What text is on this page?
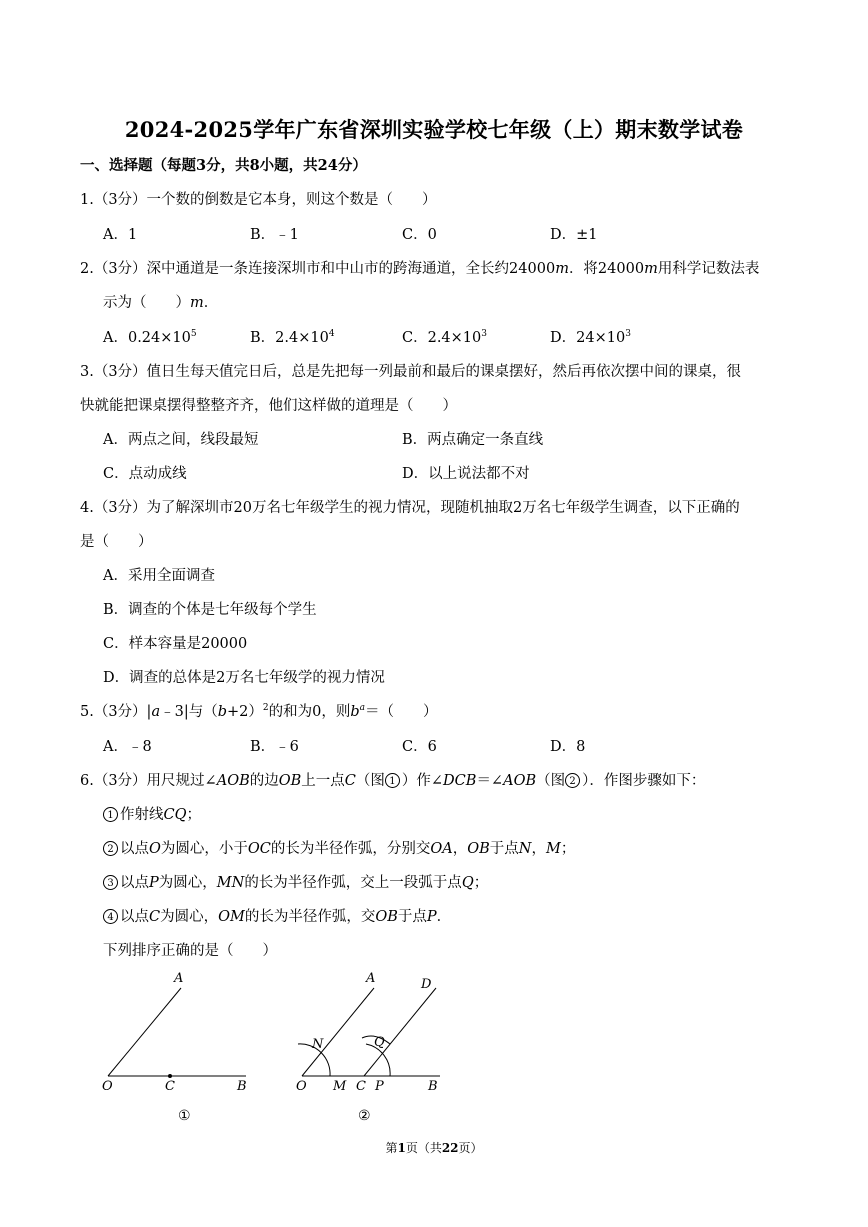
2024-2025学年广东省深圳实验学校七年级（上）期末数学试卷
一、选择题（每题3分，共8小题，共24分）
1.（3分）一个数的倒数是它本身，则这个数是（　　）
A．1	B．﹣1	C．0	D．±1
2.（3分）深中通道是一条连接深圳市和中山市的跨海通道，全长约24000m．将24000m用科学记数法表
示为（　　）m．
A．$0.24\times 10^5$	B．$2.4\times 10^4$	C．$2.4\times 10^3$	D．$24\times 10^3$
3.（3分）值日生每天值完日后，总是先把每一列最前和最后的课桌摆好，然后再依次摆中间的课桌，很
快就能把课桌摆得整整齐齐，他们这样做的道理是（　　）
A．两点之间，线段最短	B．两点确定一条直线
C．点动成线	D．以上说法都不对
4.（3分）为了解深圳市20万名七年级学生的视力情况，现随机抽取2万名七年级学生调查，以下正确的
是（　　）
A．采用全面调查
B．调查的个体是七年级每个学生
C．样本容量是20000
D．调查的总体是2万名七年级学的视力情况
5.（3分）|a﹣3|与$(b+2)^2$的和为0，则$b^a=$（　　）
A．﹣8	B．﹣6	C．6	D．8
6.（3分）用尺规过∠AOB的边OB上一点C（图 1 ）作∠DCB＝∠AOB（图 2 ）．作图步骤如下：
1 作射线CQ；
2 以点O为圆心，小于OC的长为半径作弧，分别交OA，OB于点N，M；
3 以点P为圆心，MN的长为半径作弧，交上一段弧于点Q；
4 以点C为圆心，OM的长为半径作弧，交OB于点P．
下列排序正确的是（　　）
A
O	C	B
①
A	D
N	Q
O M C P	B
②
第1页（共22页）
